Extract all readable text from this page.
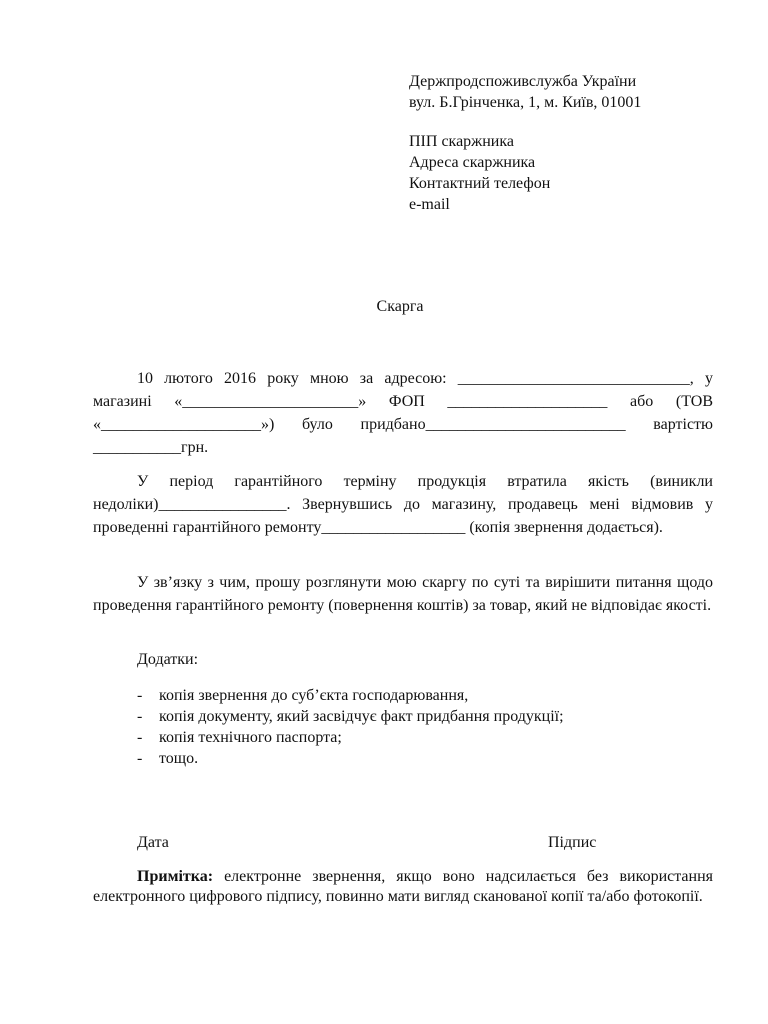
Держпродспоживслужба України
вул. Б.Грінченка, 1, м. Київ, 01001
ПІП скаржника
Адреса скаржника
Контактний телефон
e-mail
Скарга
10 лютого 2016 року мною за адресою: _____________________________, у магазині «______________________» ФОП ____________________ або (ТОВ «____________________») було придбано_________________________ вартістю ___________грн.
У період гарантійного терміну продукція втратила якість (виникли недоліки)________________. Звернувшись до магазину, продавець мені відмовив у проведенні гарантійного ремонту__________________ (копія звернення додається).
У зв’язку з чим, прошу розглянути мою скаргу по суті та вирішити питання щодо проведення гарантійного ремонту (повернення коштів) за товар, який не відповідає якості.
Додатки:
- копія звернення до суб’єкта господарювання,
- копія документу, який засвідчує факт придбання продукції;
- копія технічного паспорта;
- тощо.
Дата	Підпис
Примітка: електронне звернення, якщо воно надсилається без використання електронного цифрового підпису, повинно мати вигляд сканованої копії та/або фотокопії.
